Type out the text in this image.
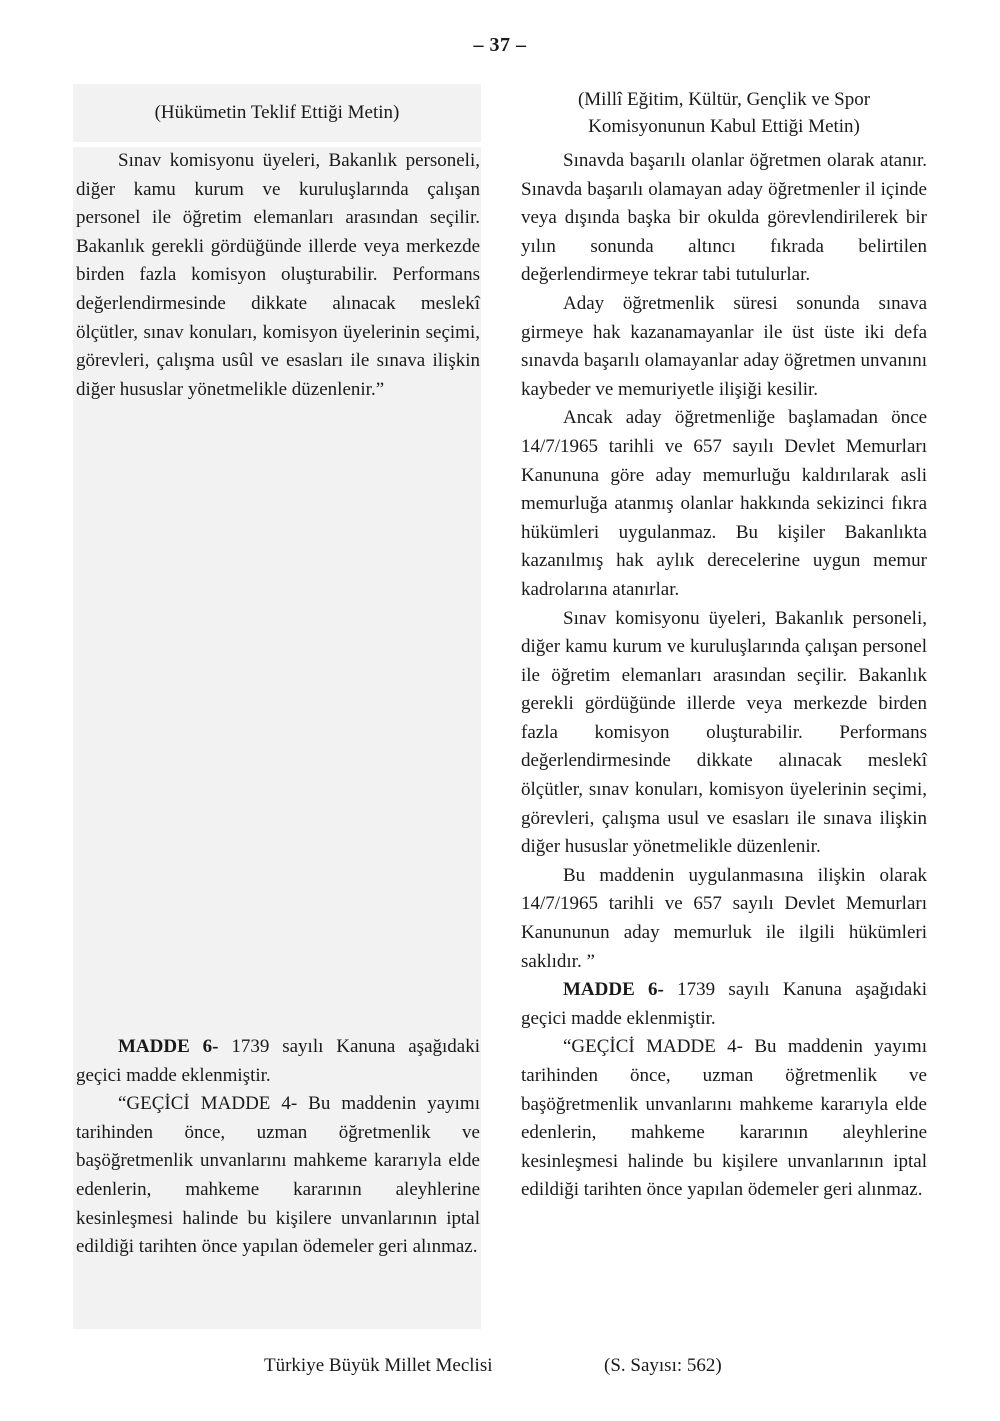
– 37 –
(Hükümetin Teklif Ettiği Metin)
(Millî Eğitim, Kültür, Gençlik ve Spor
Komisyonunun Kabul Ettiği Metin)

Sınav komisyonu üyeleri, Bakanlık personeli, diğer kamu kurum ve kuruluşlarında çalışan personel ile öğretim elemanları arasından seçilir. Bakanlık gerekli gördüğünde illerde veya merkezde birden fazla komisyon oluşturabilir. Performans değerlendirmesinde dikkate alınacak meslekî ölçütler, sınav konuları, komisyon üyelerinin seçimi, görevleri, çalışma usûl ve esasları ile sınava ilişkin diğer hususlar yönetmelikle düzenlenir.”

MADDE 6- 1739 sayılı Kanuna aşağıdaki geçici madde eklenmiştir.

“GEÇİCİ MADDE 4- Bu maddenin yayımı tarihinden önce, uzman öğretmenlik ve başöğretmenlik unvanlarını mahkeme kararıyla elde edenlerin, mahkeme kararının aleyhlerine kesinleşmesi halinde bu kişilere unvanlarının iptal edildiği tarihten önce yapılan ödemeler geri alınmaz.

Sınavda başarılı olanlar öğretmen olarak atanır. Sınavda başarılı olamayan aday öğretmenler il içinde veya dışında başka bir okulda görevlendirilerek bir yılın sonunda altıncı fıkrada belirtilen değerlendirmeye tekrar tabi tutulurlar.

Aday öğretmenlik süresi sonunda sınava girmeye hak kazanamayanlar ile üst üste iki defa sınavda başarılı olamayanlar aday öğretmen unvanını kaybeder ve memuriyetle ilişiği kesilir.

Ancak aday öğretmenliğe başlamadan önce 14/7/1965 tarihli ve 657 sayılı Devlet Memurları Kanununa göre aday memurluğu kaldırılarak asli memurluğa atanmış olanlar hakkında sekizinci fıkra hükümleri uygulanmaz. Bu kişiler Bakanlıkta kazanılmış hak aylık derecelerine uygun memur kadrolarına atanırlar.

Sınav komisyonu üyeleri, Bakanlık personeli, diğer kamu kurum ve kuruluşlarında çalışan personel ile öğretim elemanları arasından seçilir. Bakanlık gerekli gördüğünde illerde veya merkezde birden fazla komisyon oluşturabilir. Performans değerlendirmesinde dikkate alınacak meslekî ölçütler, sınav konuları, komisyon üyelerinin seçimi, görevleri, çalışma usul ve esasları ile sınava ilişkin diğer hususlar yönetmelikle düzenlenir.

Bu maddenin uygulanmasına ilişkin olarak 14/7/1965 tarihli ve 657 sayılı Devlet Memurları Kanununun aday memurluk ile ilgili hükümleri saklıdır. ”

MADDE 6- 1739 sayılı Kanuna aşağıdaki geçici madde eklenmiştir.

“GEÇİCİ MADDE 4- Bu maddenin yayımı tarihinden önce, uzman öğretmenlik ve başöğretmenlik unvanlarını mahkeme kararıyla elde edenlerin, mahkeme kararının aleyhlerine kesinleşmesi halinde bu kişilere unvanlarının iptal edildiği tarihten önce yapılan ödemeler geri alınmaz.

Türkiye Büyük Millet Meclisi	(S. Sayısı: 562)
